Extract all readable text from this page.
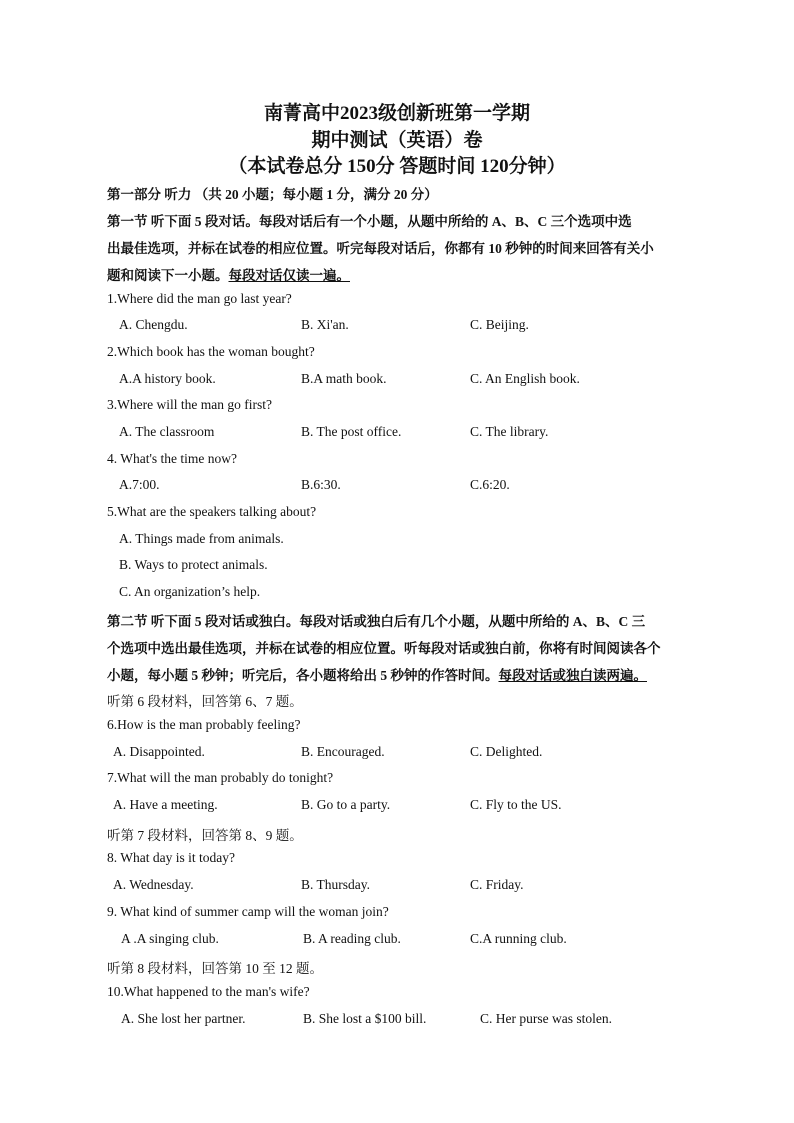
南菁高中2023级创新班第一学期
期中测试（英语）卷
（本试卷总分 150分 答题时间 120分钟）
第一部分 听力 （共 20 小题；每小题 1 分，满分 20 分）
第一节 听下面 5 段对话。每段对话后有一个小题，从题中所给的 A、B、C 三个选项中选
出最佳选项，并标在试卷的相应位置。听完每段对话后，你都有 10 秒钟的时间来回答有关小
题和阅读下一小题。每段对话仅读一遍。
1.Where did the man go last year?
A. Chengdu.	B. Xi'an.	C. Beijing.
2.Which book has the woman bought?
A.A history book.	B.A math book.	C. An English book.
3.Where will the man go first?
A. The classroom	B. The post office.	C. The library.
4. What's the time now?
A.7:00.	B.6:30.	C.6:20.
5.What are the speakers talking about?
A. Things made from animals.
B. Ways to protect animals.
C. An organization’s help.
第二节 听下面 5 段对话或独白。每段对话或独白后有几个小题，从题中所给的 A、B、C 三
个选项中选出最佳选项，并标在试卷的相应位置。听每段对话或独白前，你将有时间阅读各个
小题，每小题 5 秒钟；听完后，各小题将给出 5 秒钟的作答时间。每段对话或独白读两遍。
听第 6 段材料，回答第 6、7 题。
6.How is the man probably feeling?
A. Disappointed.	B. Encouraged.	C. Delighted.
7.What will the man probably do tonight?
A. Have a meeting.	B. Go to a party.	C. Fly to the US.
听第 7 段材料，回答第 8、9 题。
8. What day is it today?
A. Wednesday.	B. Thursday.	C. Friday.
9. What kind of summer camp will the woman join?
A .A singing club.	B. A reading club.	C.A running club.
听第 8 段材料，回答第 10 至 12 题。
10.What happened to the man's wife?
A. She lost her partner.	B. She lost a $100 bill.	C. Her purse was stolen.
